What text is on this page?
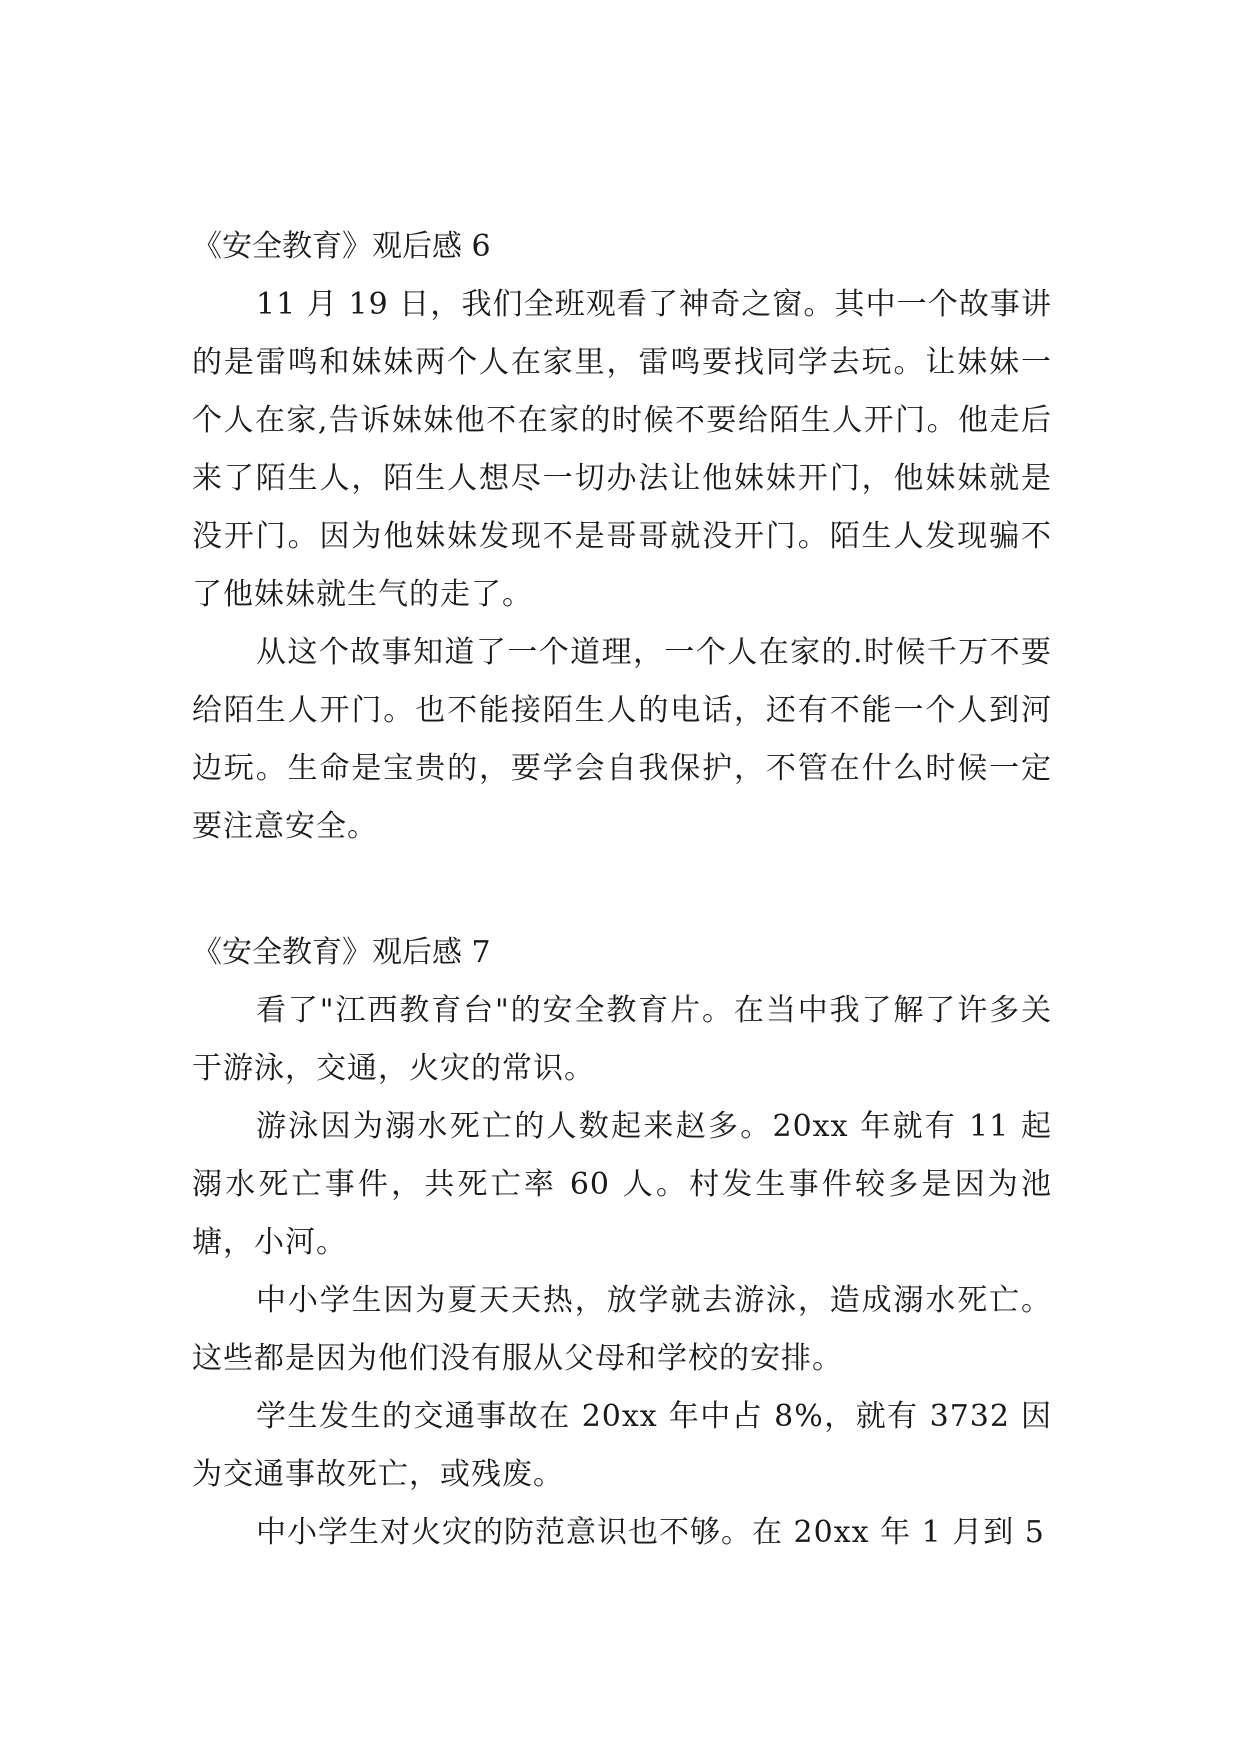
《安全教育》观后感 6

11 月 19 日，我们全班观看了神奇之窗。其中一个故事讲的是雷鸣和妹妹两个人在家里，雷鸣要找同学去玩。让妹妹一个人在家,告诉妹妹他不在家的时候不要给陌生人开门。他走后来了陌生人，陌生人想尽一切办法让他妹妹开门，他妹妹就是没开门。因为他妹妹发现不是哥哥就没开门。陌生人发现骗不了他妹妹就生气的走了。

从这个故事知道了一个道理，一个人在家的.时候千万不要给陌生人开门。也不能接陌生人的电话，还有不能一个人到河边玩。生命是宝贵的，要学会自我保护，不管在什么时候一定要注意安全。

《安全教育》观后感 7

看了"江西教育台"的安全教育片。在当中我了解了许多关于游泳，交通，火灾的常识。

游泳因为溺水死亡的人数起来赵多。20xx 年就有 11 起溺水死亡事件，共死亡率 60 人。村发生事件较多是因为池塘，小河。

中小学生因为夏天天热，放学就去游泳，造成溺水死亡。这些都是因为他们没有服从父母和学校的安排。

学生发生的交通事故在 20xx 年中占 8%，就有 3732 因为交通事故死亡，或残废。

中小学生对火灾的防范意识也不够。在 20xx 年 1 月到 5
